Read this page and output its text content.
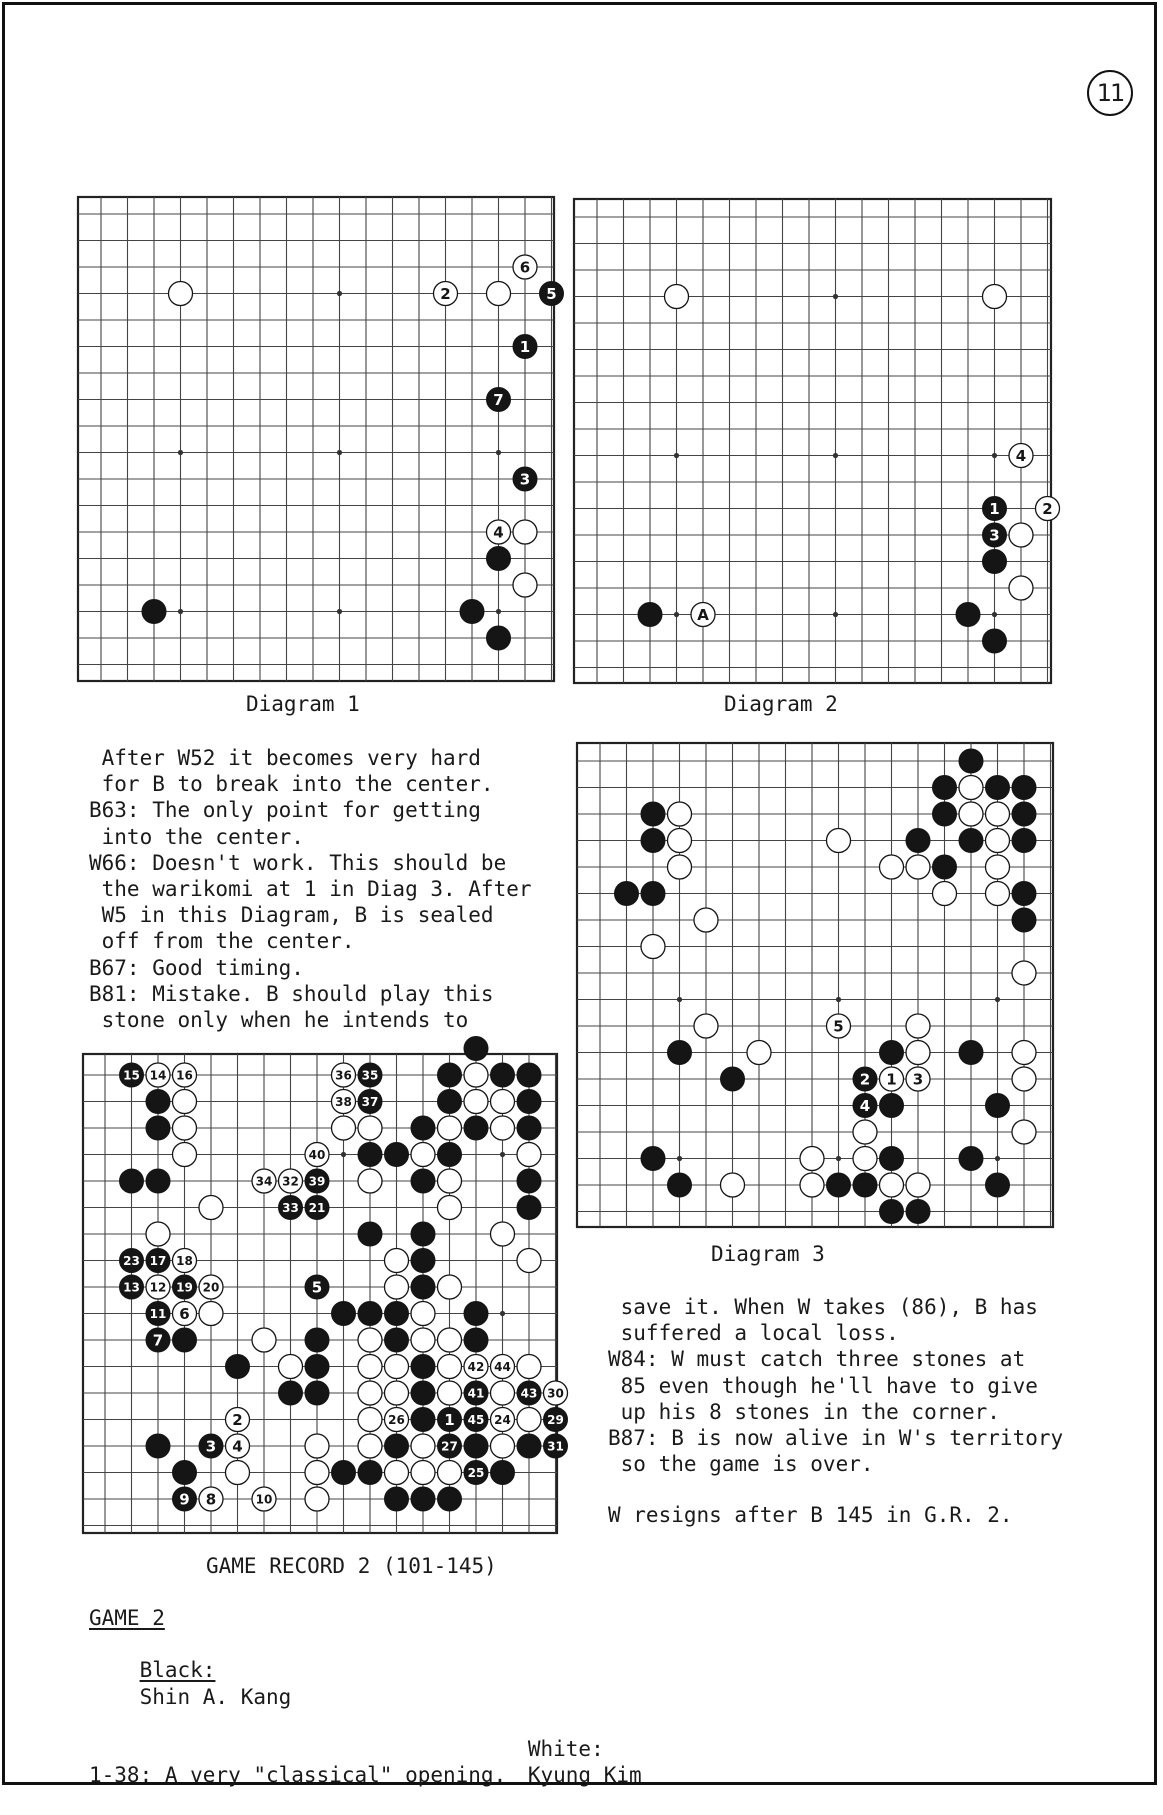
11
2
6
5
1
7
3
4
Diagram 1
4
1	2
3
A
Diagram 2
5
2 1 3
4
Diagram 3
15 14 16	36 35
38 37
40
34 32 39
33 21
23 17 18
13 12 19 20	5
11 6
7
42 44
41	43 30
2	26	1 45 24	29
3 4	27	31
25
9 8	10
GAME RECORD 2 (101-145)
After W52 it becomes very hard
for B to break into the center.
B63: The only point for getting
into the center.
W66: Doesn't work. This should be
the warikomi at 1 in Diag 3. After
W5 in this Diagram, B is sealed
off from the center.
B67: Good timing.
B81: Mistake. B should play this
stone only when he intends to
save it. When W takes (86), B has
suffered a local loss.
W84: W must catch three stones at
85 even though he'll have to give
up his 8 stones in the corner.
B87: B is now alive in W's territory
so the game is over.
W resigns after B 145 in G.R. 2.
GAME 2

Black:
Shin A. Kang

White:
Kyung Kim

1-38: A very "classical" opening.
